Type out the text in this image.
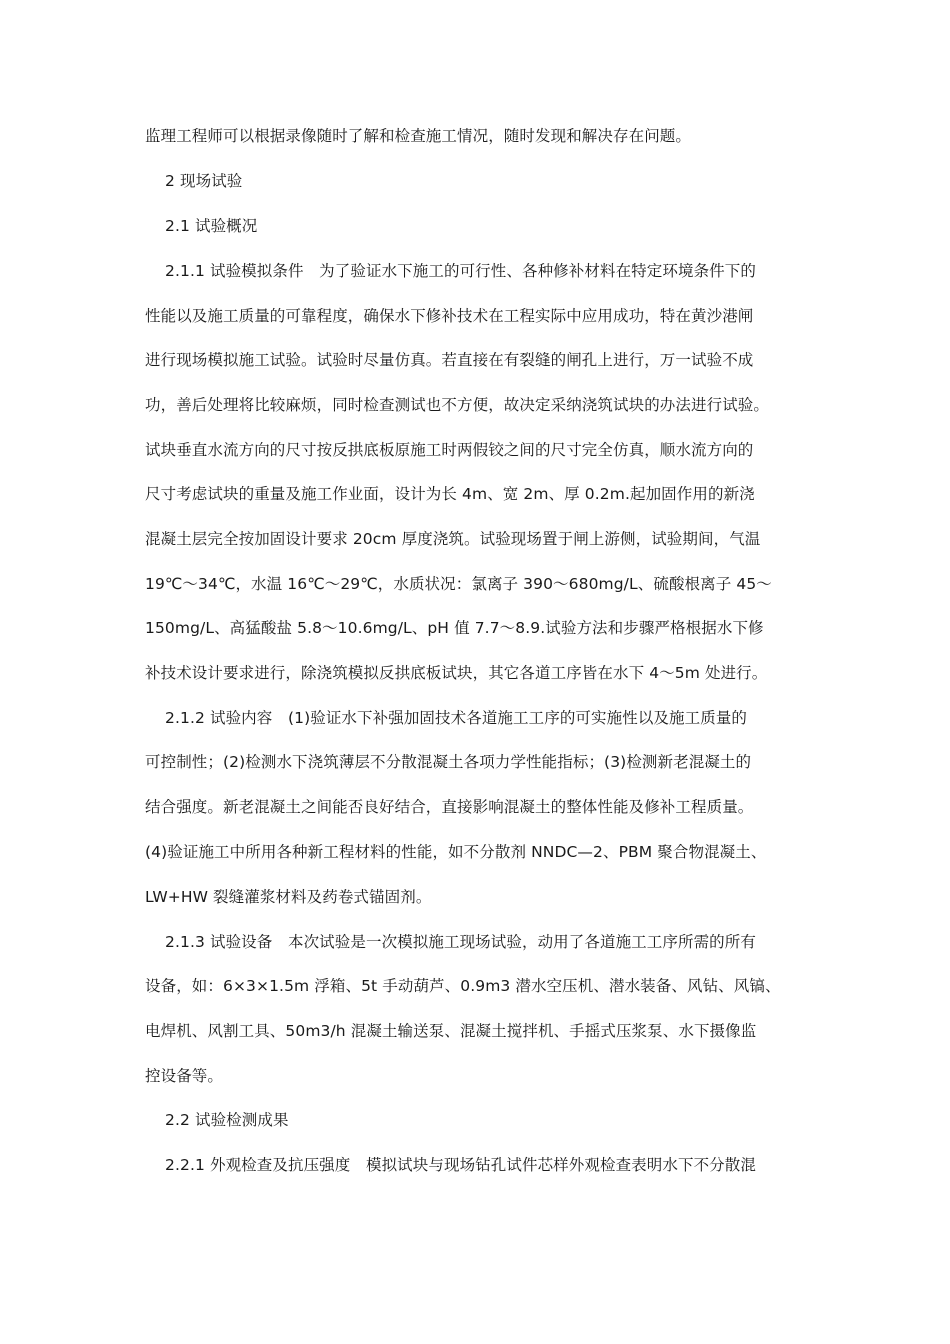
监理工程师可以根据录像随时了解和检查施工情况，随时发现和解决存在问题。
2 现场试验
2.1 试验概况
2.1.1 试验模拟条件　为了验证水下施工的可行性、各种修补材料在特定环境条件下的
性能以及施工质量的可靠程度，确保水下修补技术在工程实际中应用成功，特在黄沙港闸
进行现场模拟施工试验。试验时尽量仿真。若直接在有裂缝的闸孔上进行，万一试验不成
功，善后处理将比较麻烦，同时检查测试也不方便，故决定采纳浇筑试块的办法进行试验。
试块垂直水流方向的尺寸按反拱底板原施工时两假铰之间的尺寸完全仿真，顺水流方向的
尺寸考虑试块的重量及施工作业面，设计为长 4m、宽 2m、厚 0.2m.起加固作用的新浇
混凝土层完全按加固设计要求 20cm 厚度浇筑。试验现场置于闸上游侧，试验期间，气温
19℃～34℃，水温 16℃～29℃，水质状况：氯离子 390～680mg/L、硫酸根离子 45～
150mg/L、高猛酸盐 5.8～10.6mg/L、pH 值 7.7～8.9.试验方法和步骤严格根据水下修
补技术设计要求进行，除浇筑模拟反拱底板试块，其它各道工序皆在水下 4～5m 处进行。
2.1.2 试验内容　(1)验证水下补强加固技术各道施工工序的可实施性以及施工质量的
可控制性；(2)检测水下浇筑薄层不分散混凝土各项力学性能指标；(3)检测新老混凝土的
结合强度。新老混凝土之间能否良好结合，直接影响混凝土的整体性能及修补工程质量。
(4)验证施工中所用各种新工程材料的性能，如不分散剂 NNDC—2、PBM 聚合物混凝土、
LW+HW 裂缝灌浆材料及药卷式锚固剂。
2.1.3 试验设备　本次试验是一次模拟施工现场试验，动用了各道施工工序所需的所有
设备，如：6×3×1.5m 浮箱、5t 手动葫芦、0.9m3 潜水空压机、潜水装备、风钻、风镐、
电焊机、风割工具、50m3/h 混凝土输送泵、混凝土搅拌机、手摇式压浆泵、水下摄像监
控设备等。
2.2 试验检测成果
2.2.1 外观检查及抗压强度　模拟试块与现场钻孔试件芯样外观检查表明水下不分散混
